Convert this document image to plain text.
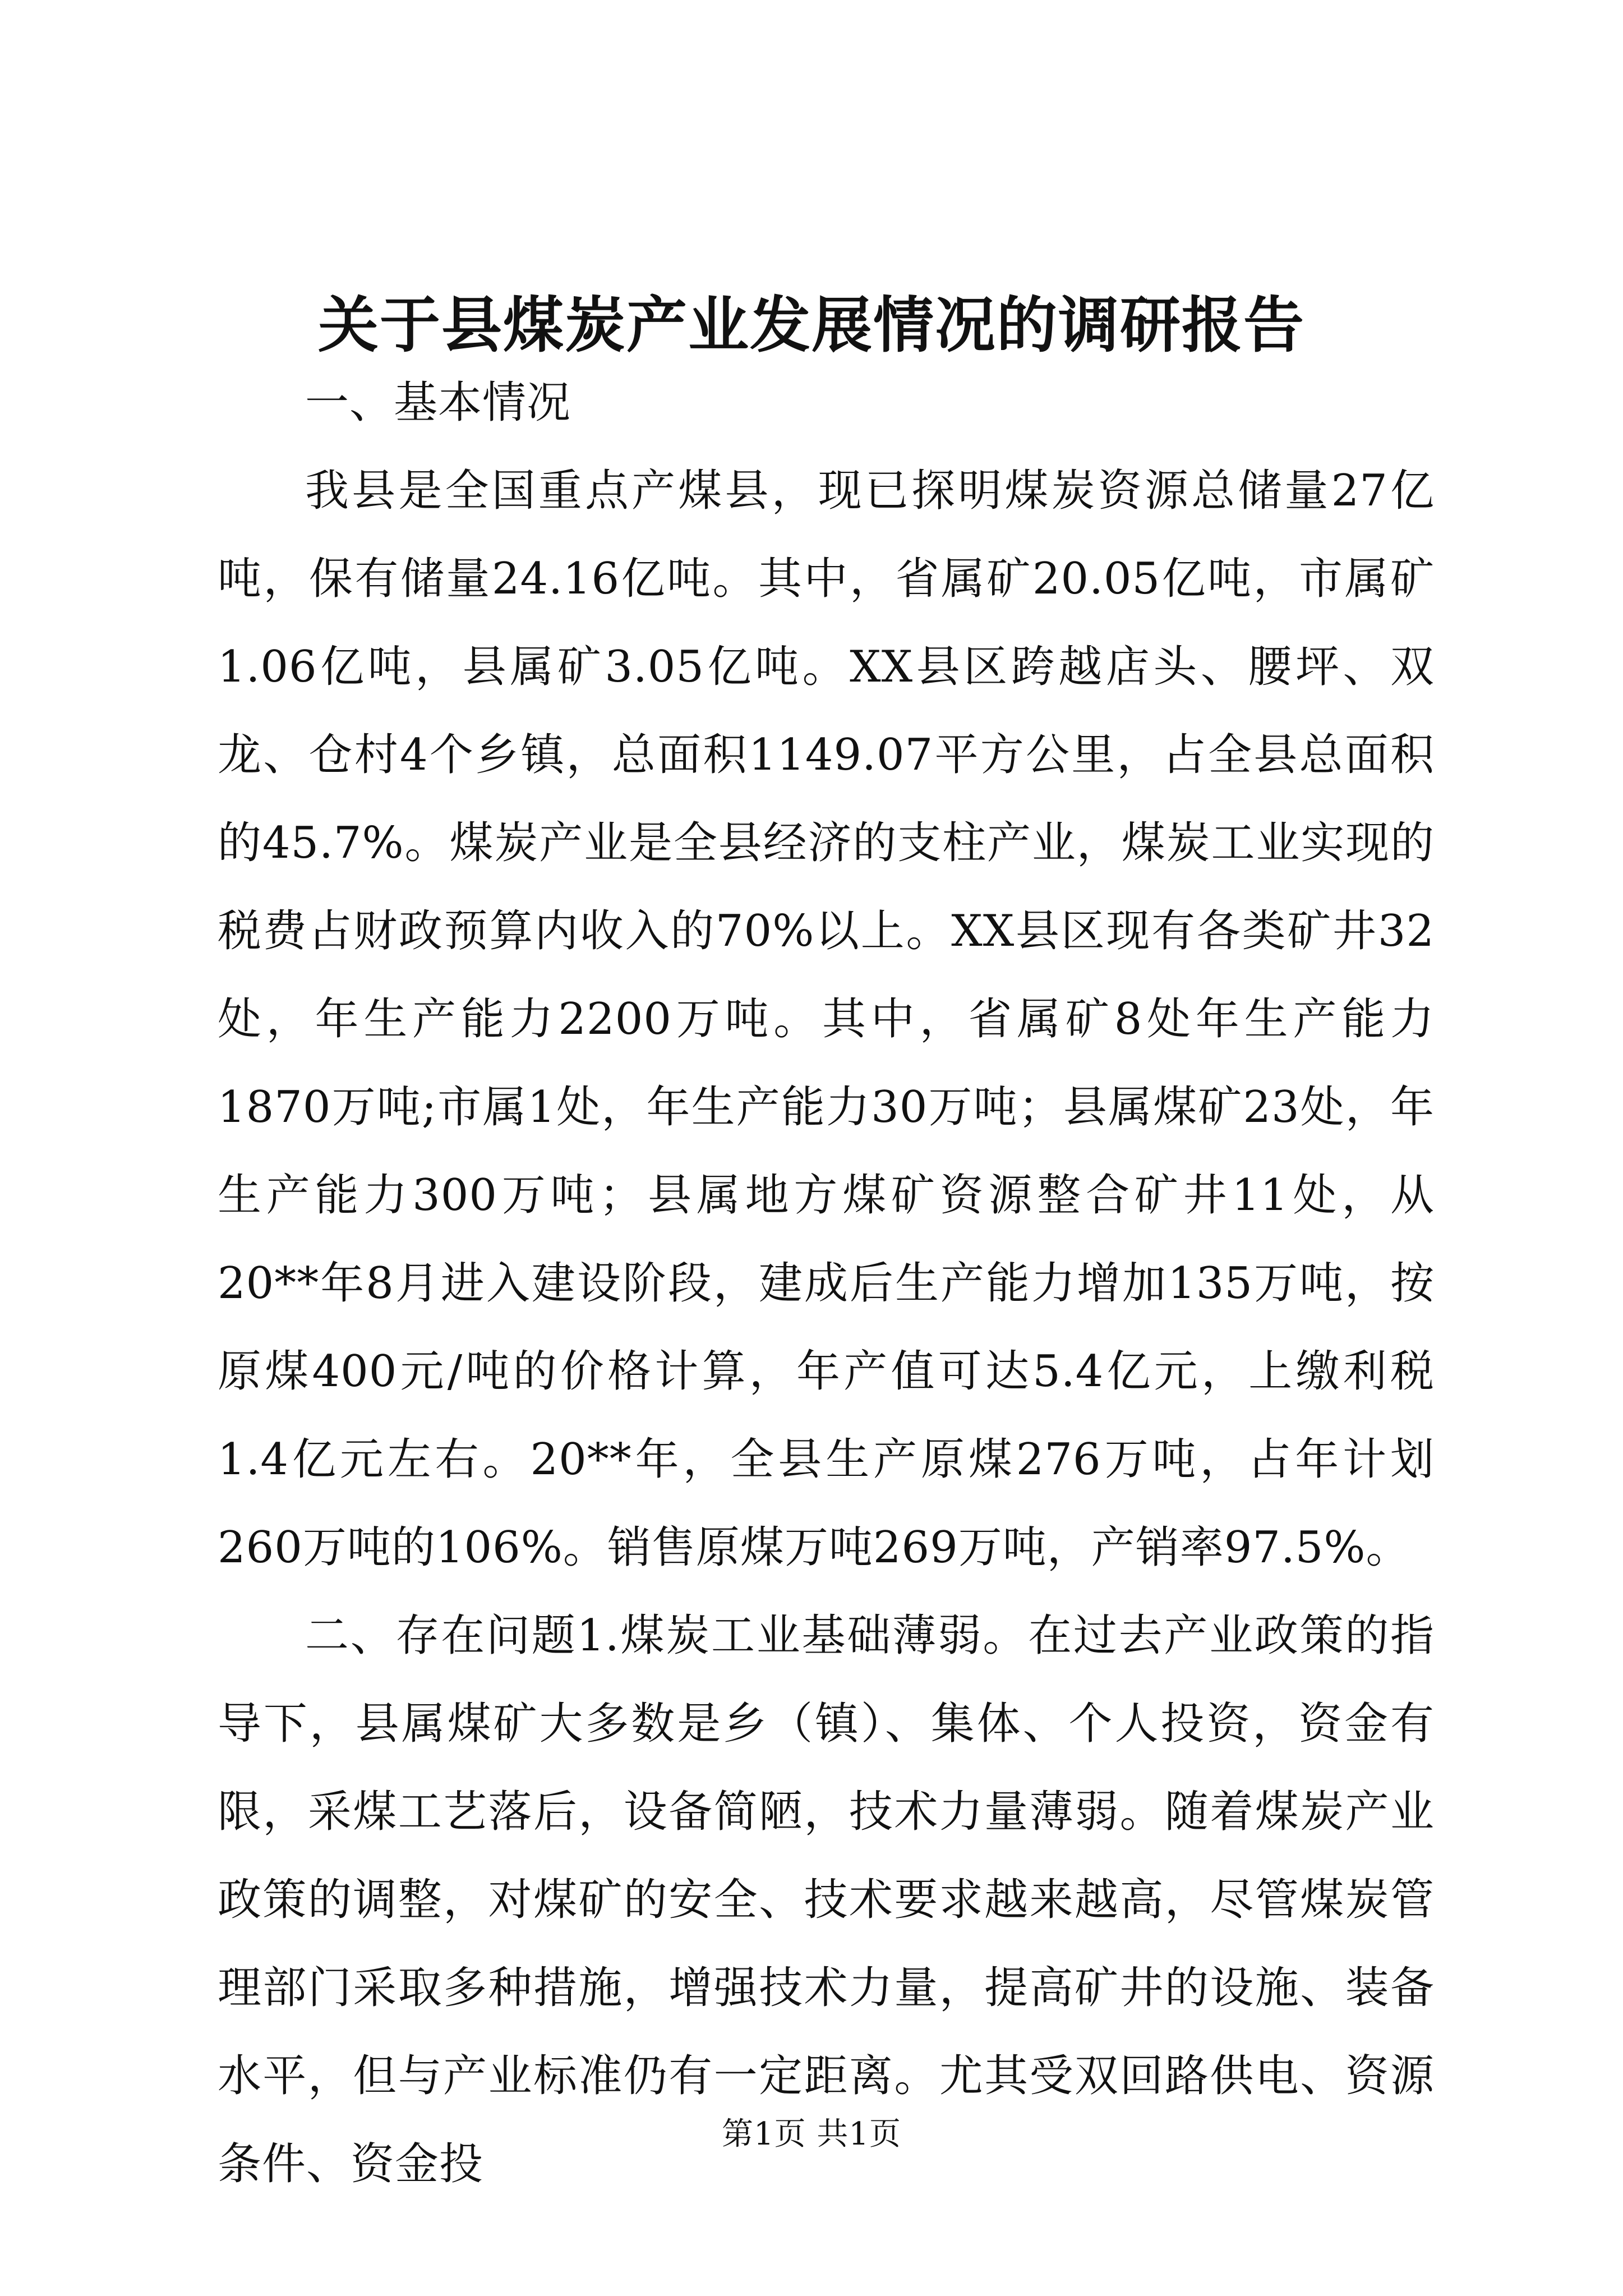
关于县煤炭产业发展情况的调研报告

一、基本情况

我县是全国重点产煤县，现已探明煤炭资源总储量27亿吨，保有储量24.16亿吨。其中，省属矿20.05亿吨，市属矿1.06亿吨，县属矿3.05亿吨。XX县区跨越店头、腰坪、双龙、仓村4个乡镇，总面积1149.07平方公里，占全县总面积的45.7%。煤炭产业是全县经济的支柱产业，煤炭工业实现的税费占财政预算内收入的70%以上。XX县区现有各类矿井32处，年生产能力2200万吨。其中，省属矿8处年生产能力1870万吨;市属1处，年生产能力30万吨；县属煤矿23处，年生产能力300万吨；县属地方煤矿资源整合矿井11处，从20**年8月进入建设阶段，建成后生产能力增加135万吨，按原煤400元/吨的价格计算，年产值可达5.4亿元，上缴利税1.4亿元左右。20**年，全县生产原煤276万吨，占年计划260万吨的106%。销售原煤万吨269万吨，产销率97.5%。

二、存在问题1.煤炭工业基础薄弱。在过去产业政策的指导下，县属煤矿大多数是乡（镇）、集体、个人投资，资金有限，采煤工艺落后，设备简陋，技术力量薄弱。随着煤炭产业政策的调整，对煤矿的安全、技术要求越来越高，尽管煤炭管理部门采取多种措施，增强技术力量，提高矿井的设施、装备水平，但与产业标准仍有一定距离。尤其受双回路供电、资源条件、资金投

第1页 共1页
